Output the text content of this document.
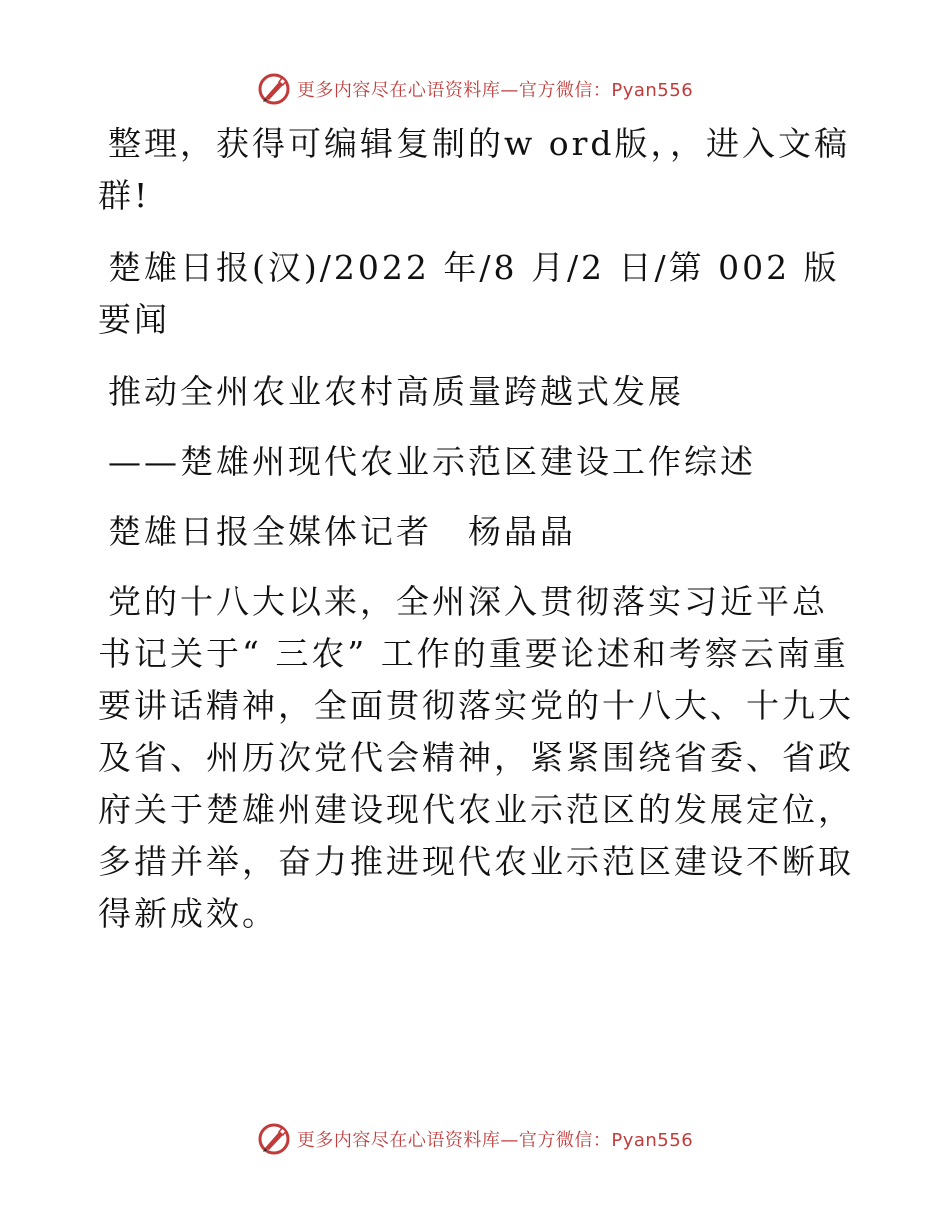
更多内容尽在心语资料库—官方微信：Pyan556

整理，获得可编辑复制的w ord版，，进入文稿群!

楚雄日报(汉)/2022 年/8 月/2 日/第 002 版要闻

推动全州农业农村高质量跨越式发展

——楚雄州现代农业示范区建设工作综述

楚雄日报全媒体记者　杨晶晶

党的十八大以来，全州深入贯彻落实习近平总书记关于“ 三农” 工作的重要论述和考察云南重要讲话精神，全面贯彻落实党的十八大、十九大及省、州历次党代会精神，紧紧围绕省委、省政府关于楚雄州建设现代农业示范区的发展定位，多措并举，奋力推进现代农业示范区建设不断取得新成效。

更多内容尽在心语资料库—官方微信：Pyan556
